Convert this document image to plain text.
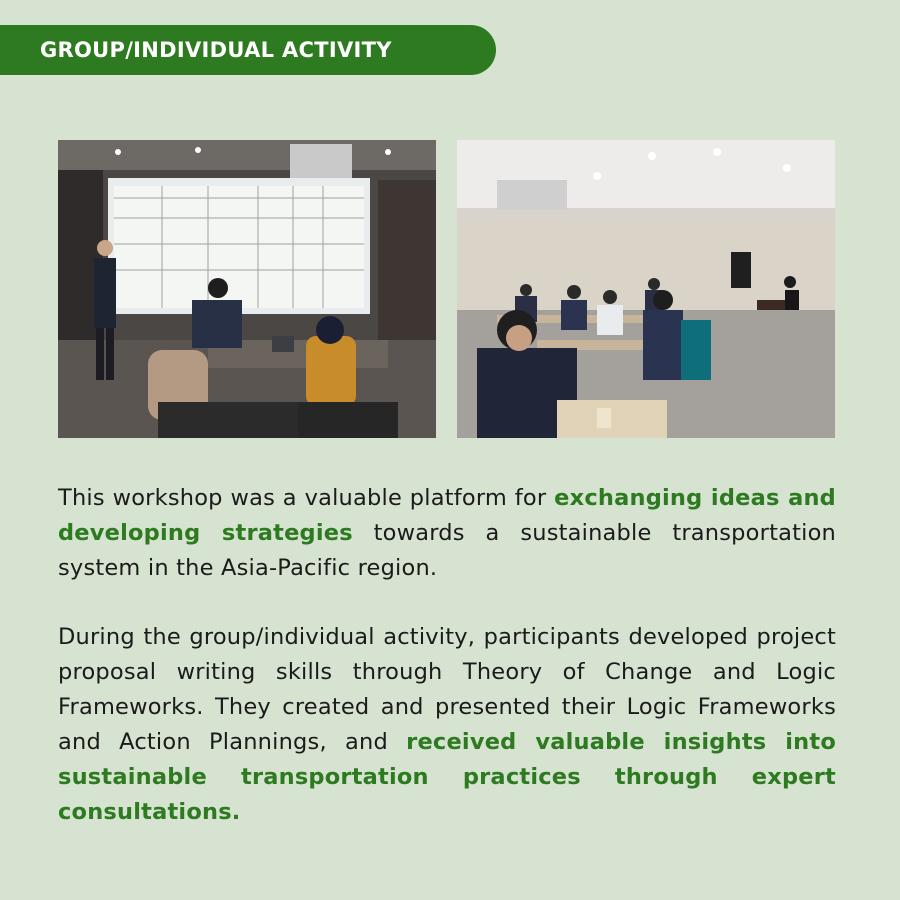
GROUP/INDIVIDUAL ACTIVITY
This workshop was a valuable platform for exchanging ideas and developing strategies towards a sustainable transportation system in the Asia-Pacific region.
During the group/individual activity, participants developed project proposal writing skills through Theory of Change and Logic Frameworks. They created and presented their Logic Frameworks and Action Plannings, and received valuable insights into sustainable transportation practices through expert consultations.
